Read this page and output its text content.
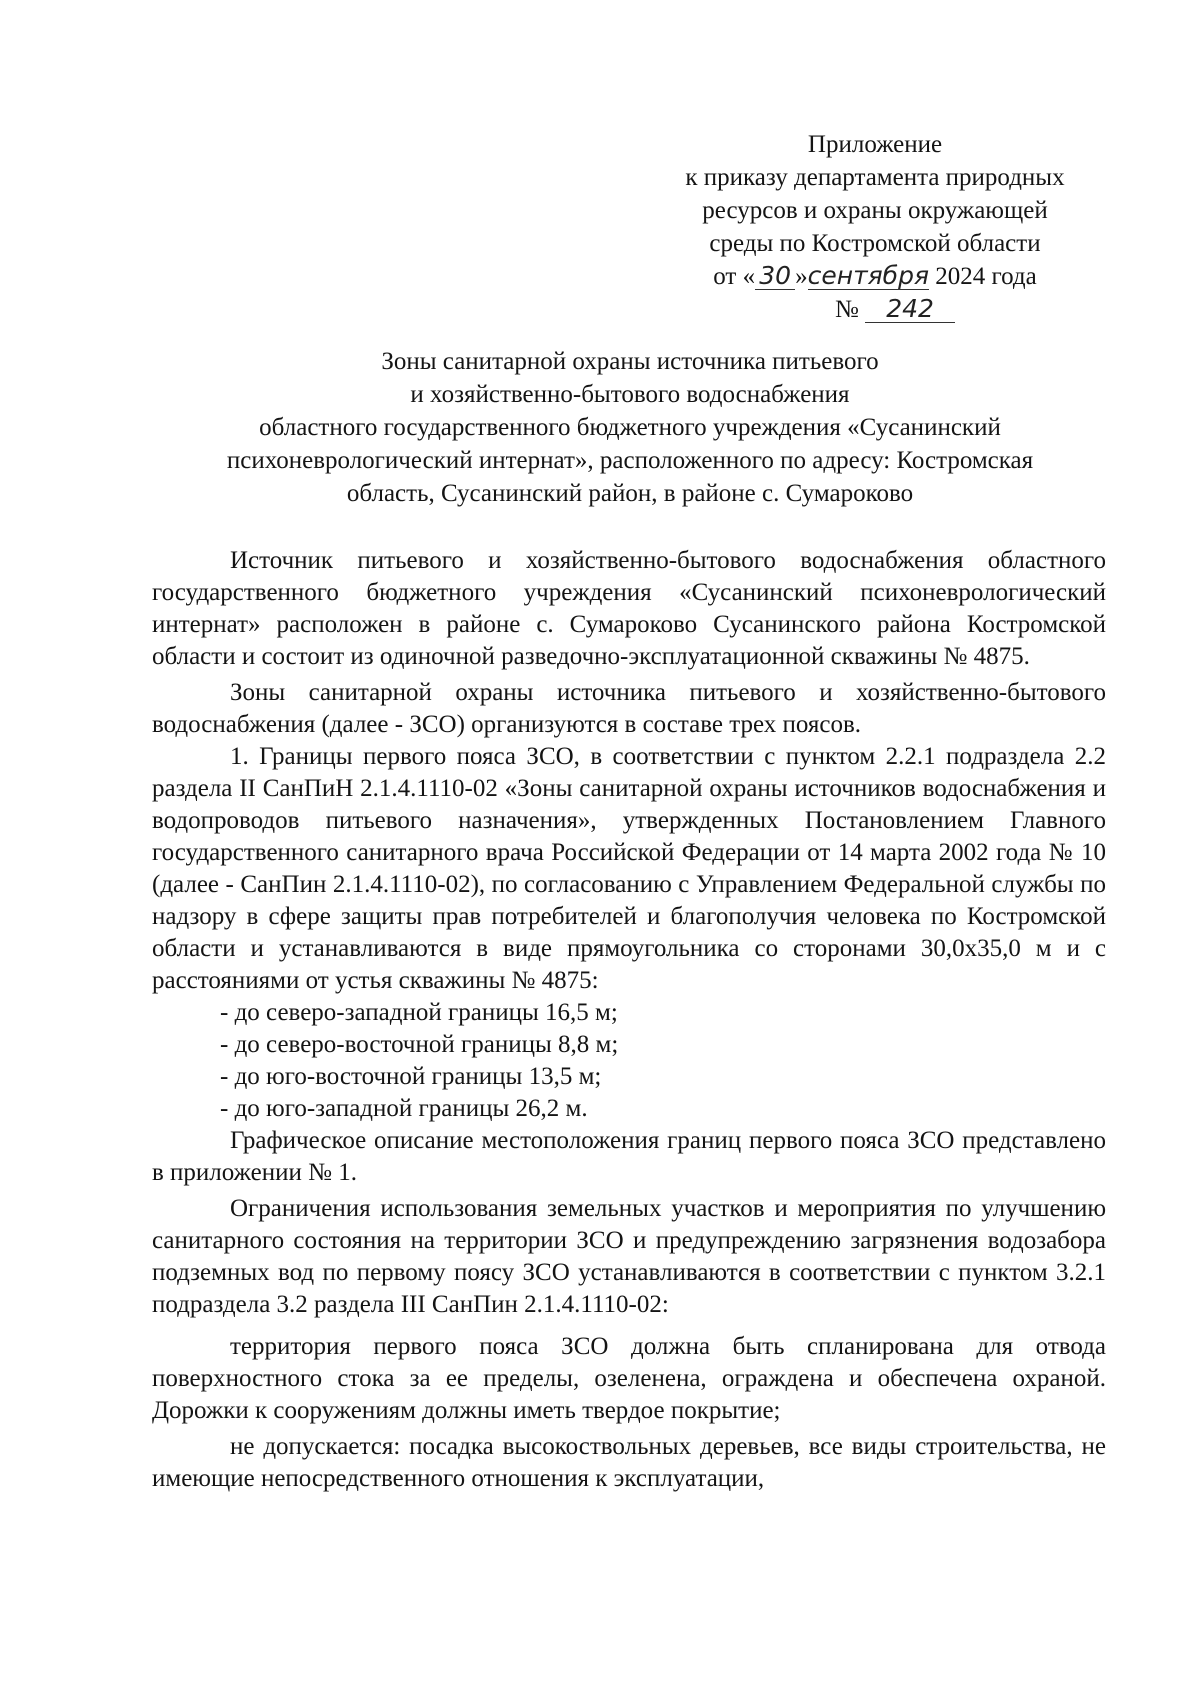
Приложение
к приказу департамента природных
ресурсов и охраны окружающей
среды по Костромской области
от « 30 »сентября 2024 года
№ 242
Зоны санитарной охраны источника питьевого
и хозяйственно-бытового водоснабжения
областного государственного бюджетного учреждения «Сусанинский
психоневрологический интернат», расположенного по адресу: Костромская
область, Сусанинский район, в районе с. Сумароково

Источник питьевого и хозяйственно-бытового водоснабжения областного государственного бюджетного учреждения «Сусанинский психоневрологический интернат» расположен в районе с. Сумароково Сусанинского района Костромской области и состоит из одиночной разведочно-эксплуатационной скважины № 4875.

Зоны санитарной охраны источника питьевого и хозяйственно-бытового водоснабжения (далее - ЗСО) организуются в составе трех поясов.

1. Границы первого пояса ЗСО, в соответствии с пунктом 2.2.1 подраздела 2.2 раздела II СанПиН 2.1.4.1110-02 «Зоны санитарной охраны источников водоснабжения и водопроводов питьевого назначения», утвержденных Постановлением Главного государственного санитарного врача Российской Федерации от 14 марта 2002 года № 10 (далее - СанПин 2.1.4.1110-02), по согласованию с Управлением Федеральной службы по надзору в сфере защиты прав потребителей и благополучия человека по Костромской области и устанавливаются в виде прямоугольника со сторонами 30,0х35,0 м и с расстояниями от устья скважины № 4875:

- до северо-западной границы 16,5 м;

- до северо-восточной границы 8,8 м;

- до юго-восточной границы 13,5 м;

- до юго-западной границы 26,2 м.

Графическое описание местоположения границ первого пояса ЗСО представлено в приложении № 1.

Ограничения использования земельных участков и мероприятия по улучшению санитарного состояния на территории ЗСО и предупреждению загрязнения водозабора подземных вод по первому поясу ЗСО устанавливаются в соответствии с пунктом 3.2.1 подраздела 3.2 раздела III СанПин 2.1.4.1110-02:

территория первого пояса ЗСО должна быть спланирована для отвода поверхностного стока за ее пределы, озеленена, ограждена и обеспечена охраной. Дорожки к сооружениям должны иметь твердое покрытие;

не допускается: посадка высокоствольных деревьев, все виды строительства, не имеющие непосредственного отношения к эксплуатации,
